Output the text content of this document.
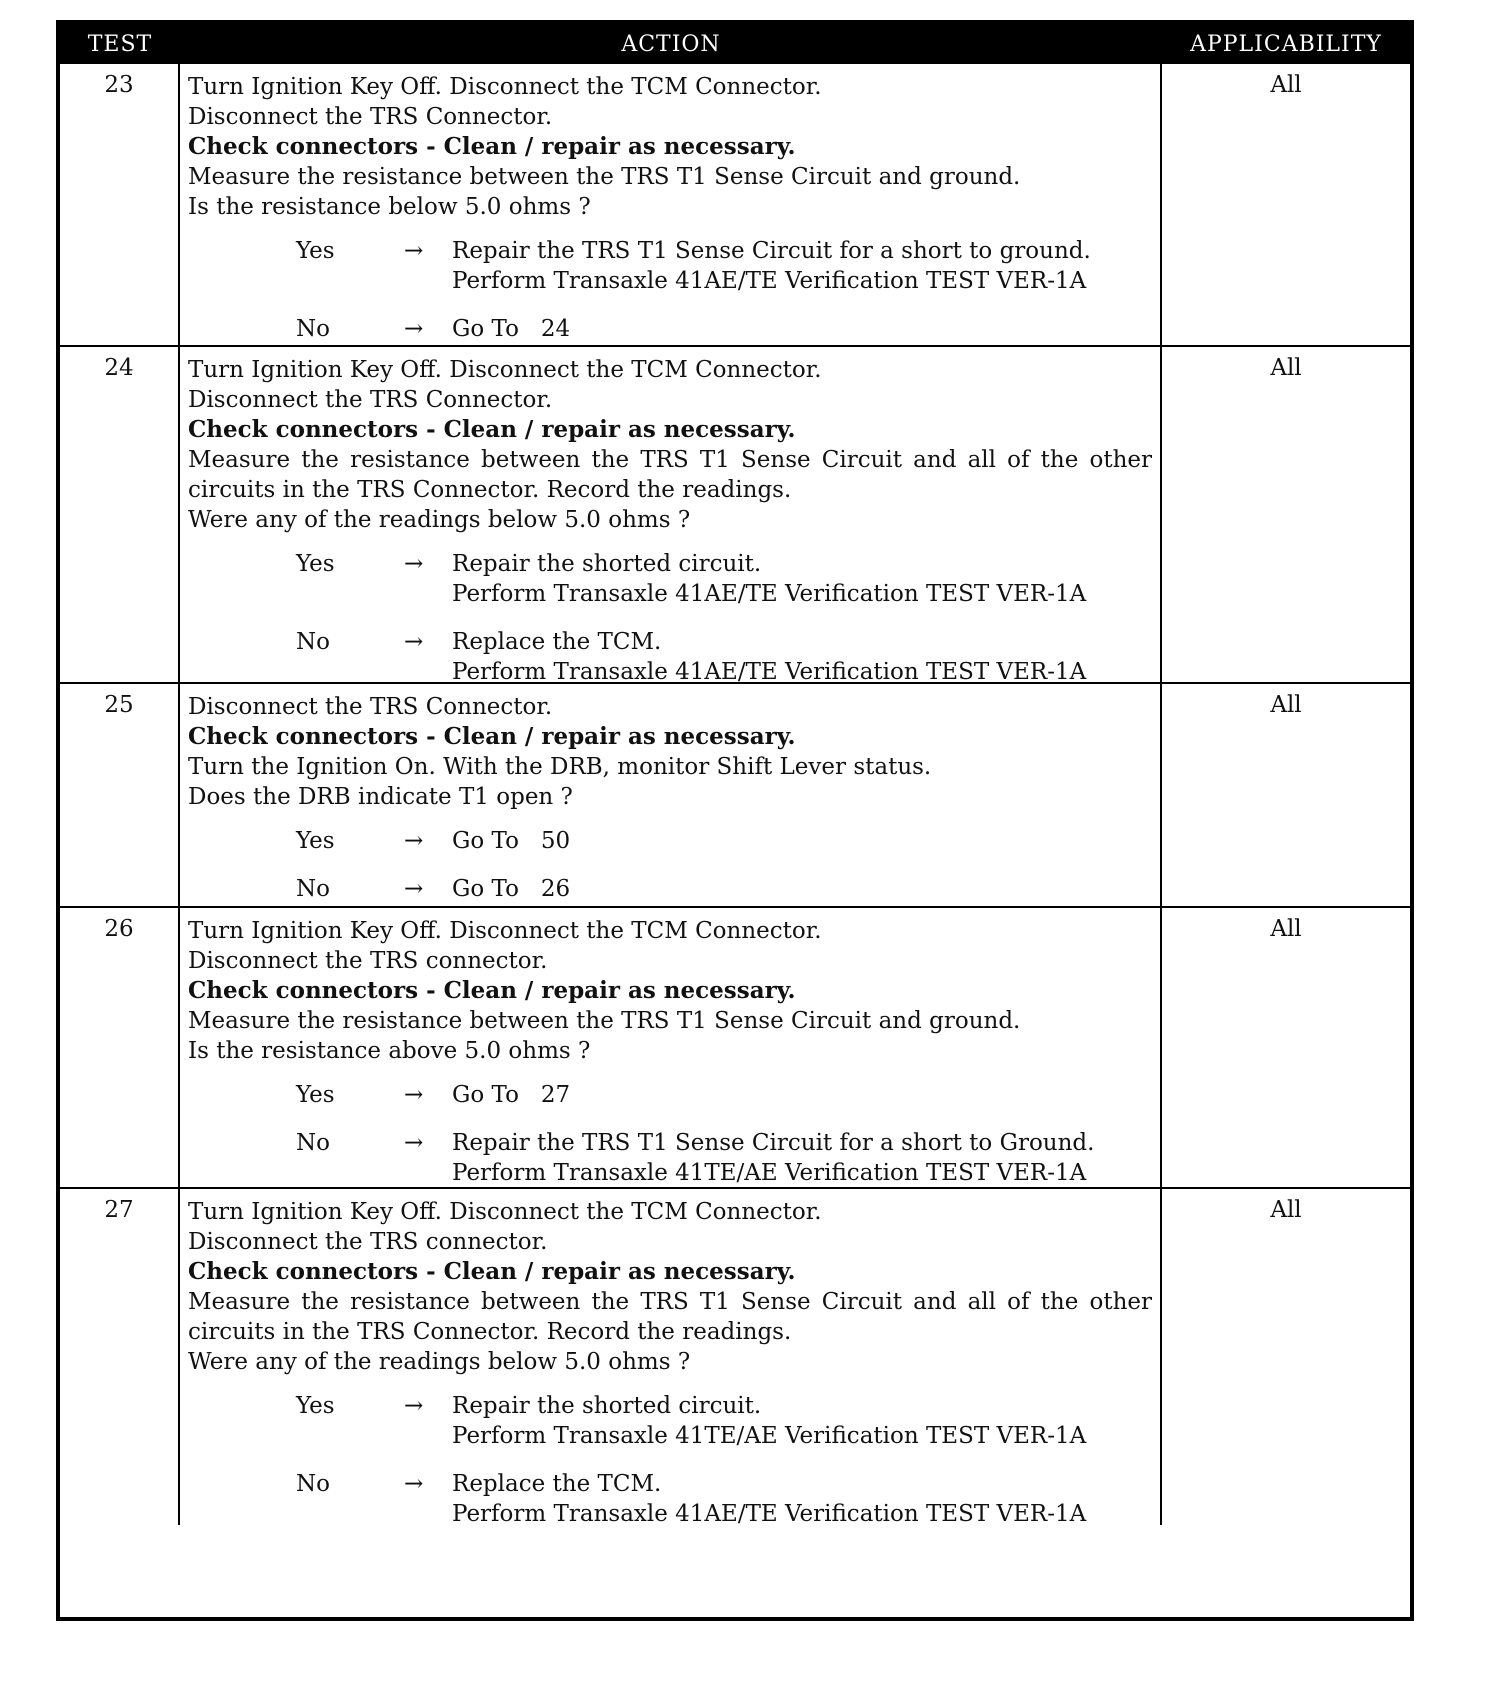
TEST	ACTION	APPLICABILITY
23	Turn Ignition Key Off. Disconnect the TCM Connector.
Disconnect the TRS Connector.
Check connectors - Clean / repair as necessary.
Measure the resistance between the TRS T1 Sense Circuit and ground.
Is the resistance below 5.0 ohms ?
Yes	→	Repair the TRS T1 Sense Circuit for a short to ground.
Perform Transaxle 41AE/TE Verification TEST VER-1A
No	→	Go To   24
All
24	Turn Ignition Key Off. Disconnect the TCM Connector.
Disconnect the TRS Connector.
Check connectors - Clean / repair as necessary.
Measure the resistance between the TRS T1 Sense Circuit and all of the other circuits in the TRS Connector. Record the readings.
Were any of the readings below 5.0 ohms ?
Yes	→	Repair the shorted circuit.
Perform Transaxle 41AE/TE Verification TEST VER-1A
No	→	Replace the TCM.
Perform Transaxle 41AE/TE Verification TEST VER-1A
All
25	Disconnect the TRS Connector.
Check connectors - Clean / repair as necessary.
Turn the Ignition On. With the DRB, monitor Shift Lever status.
Does the DRB indicate T1 open ?
Yes	→	Go To   50
No	→	Go To   26
All
26	Turn Ignition Key Off. Disconnect the TCM Connector.
Disconnect the TRS connector.
Check connectors - Clean / repair as necessary.
Measure the resistance between the TRS T1 Sense Circuit and ground.
Is the resistance above 5.0 ohms ?
Yes	→	Go To   27
No	→	Repair the TRS T1 Sense Circuit for a short to Ground.
Perform Transaxle 41TE/AE Verification TEST VER-1A
All
27	Turn Ignition Key Off. Disconnect the TCM Connector.
Disconnect the TRS connector.
Check connectors - Clean / repair as necessary.
Measure the resistance between the TRS T1 Sense Circuit and all of the other circuits in the TRS Connector. Record the readings.
Were any of the readings below 5.0 ohms ?
Yes	→	Repair the shorted circuit.
Perform Transaxle 41TE/AE Verification TEST VER-1A
No	→	Replace the TCM.
Perform Transaxle 41AE/TE Verification TEST VER-1A
All
